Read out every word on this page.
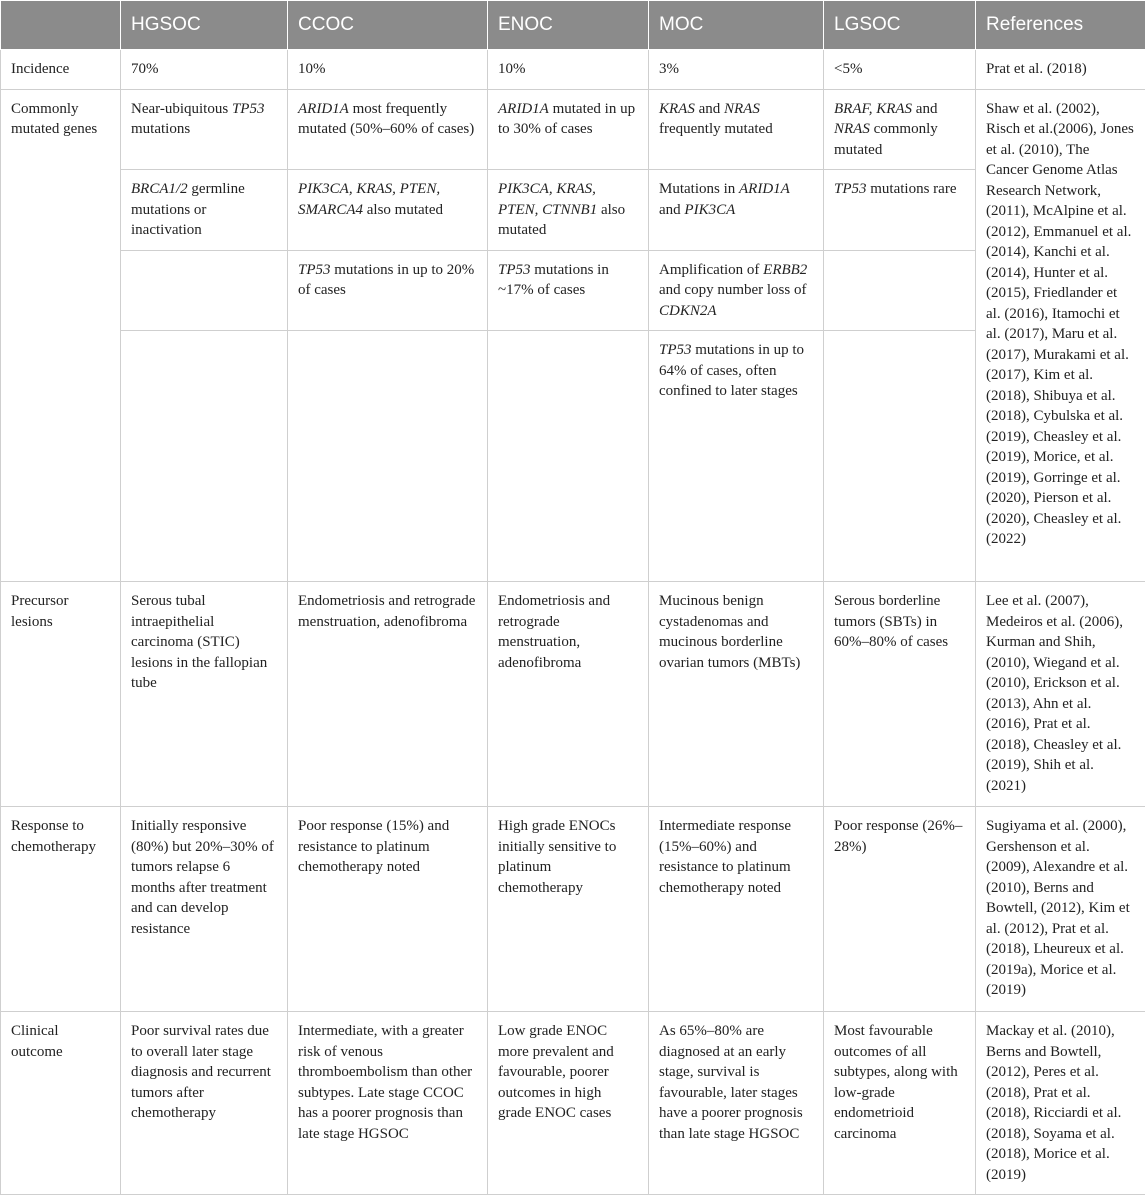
	HGSOC	CCOC	ENOC	MOC	LGSOC	References
Incidence	70%	10%	10%	3%	<5%	Prat et al. (2018)
Commonly mutated genes	Near-ubiquitous TP53 mutations	ARID1A most frequently mutated (50%–60% of cases)	ARID1A mutated in up to 30% of cases	KRAS and NRAS frequently mutated	BRAF, KRAS and NRAS commonly mutated	Shaw et al. (2002), Risch et al.(2006), Jones et al. (2010), The Cancer Genome Atlas Research Network, (2011), McAlpine et al. (2012), Emmanuel et al. (2014), Kanchi et al. (2014), Hunter et al. (2015), Friedlander et al. (2016), Itamochi et al. (2017), Maru et al. (2017), Murakami et al. (2017), Kim et al. (2018), Shibuya et al. (2018), Cybulska et al. (2019), Cheasley et al. (2019), Morice, et al. (2019), Gorringe et al. (2020), Pierson et al. (2020), Cheasley et al. (2022)
	BRCA1/2 germline mutations or inactivation	PIK3CA, KRAS, PTEN, SMARCA4 also mutated	PIK3CA, KRAS, PTEN, CTNNB1 also mutated	Mutations in ARID1A and PIK3CA	TP53 mutations rare	
		TP53 mutations in up to 20% of cases	TP53 mutations in ~17% of cases	Amplification of ERBB2 and copy number loss of CDKN2A		
				TP53 mutations in up to 64% of cases, often confined to later stages		
Precursor lesions	Serous tubal intraepithelial carcinoma (STIC) lesions in the fallopian tube	Endometriosis and retrograde menstruation, adenofibroma	Endometriosis and retrograde menstruation, adenofibroma	Mucinous benign cystadenomas and mucinous borderline ovarian tumors (MBTs)	Serous borderline tumors (SBTs) in 60%–80% of cases	Lee et al. (2007), Medeiros et al. (2006), Kurman and Shih, (2010), Wiegand et al. (2010), Erickson et al. (2013), Ahn et al. (2016), Prat et al. (2018), Cheasley et al. (2019), Shih et al. (2021)
Response to chemotherapy	Initially responsive (80%) but 20%–30% of tumors relapse 6 months after treatment and can develop resistance	Poor response (15%) and resistance to platinum chemotherapy noted	High grade ENOCs initially sensitive to platinum chemotherapy	Intermediate response (15%–60%) and resistance to platinum chemotherapy noted	Poor response (26%–28%)	Sugiyama et al. (2000), Gershenson et al. (2009), Alexandre et al. (2010), Berns and Bowtell, (2012), Kim et al. (2012), Prat et al. (2018), Lheureux et al. (2019a), Morice et al. (2019)
Clinical outcome	Poor survival rates due to overall later stage diagnosis and recurrent tumors after chemotherapy	Intermediate, with a greater risk of venous thromboembolism than other subtypes. Late stage CCOC has a poorer prognosis than late stage HGSOC	Low grade ENOC more prevalent and favourable, poorer outcomes in high grade ENOC cases	As 65%–80% are diagnosed at an early stage, survival is favourable, later stages have a poorer prognosis than late stage HGSOC	Most favourable outcomes of all subtypes, along with low-grade endometrioid carcinoma	Mackay et al. (2010), Berns and Bowtell, (2012), Peres et al. (2018), Prat et al. (2018), Ricciardi et al. (2018), Soyama et al. (2018), Morice et al. (2019)
